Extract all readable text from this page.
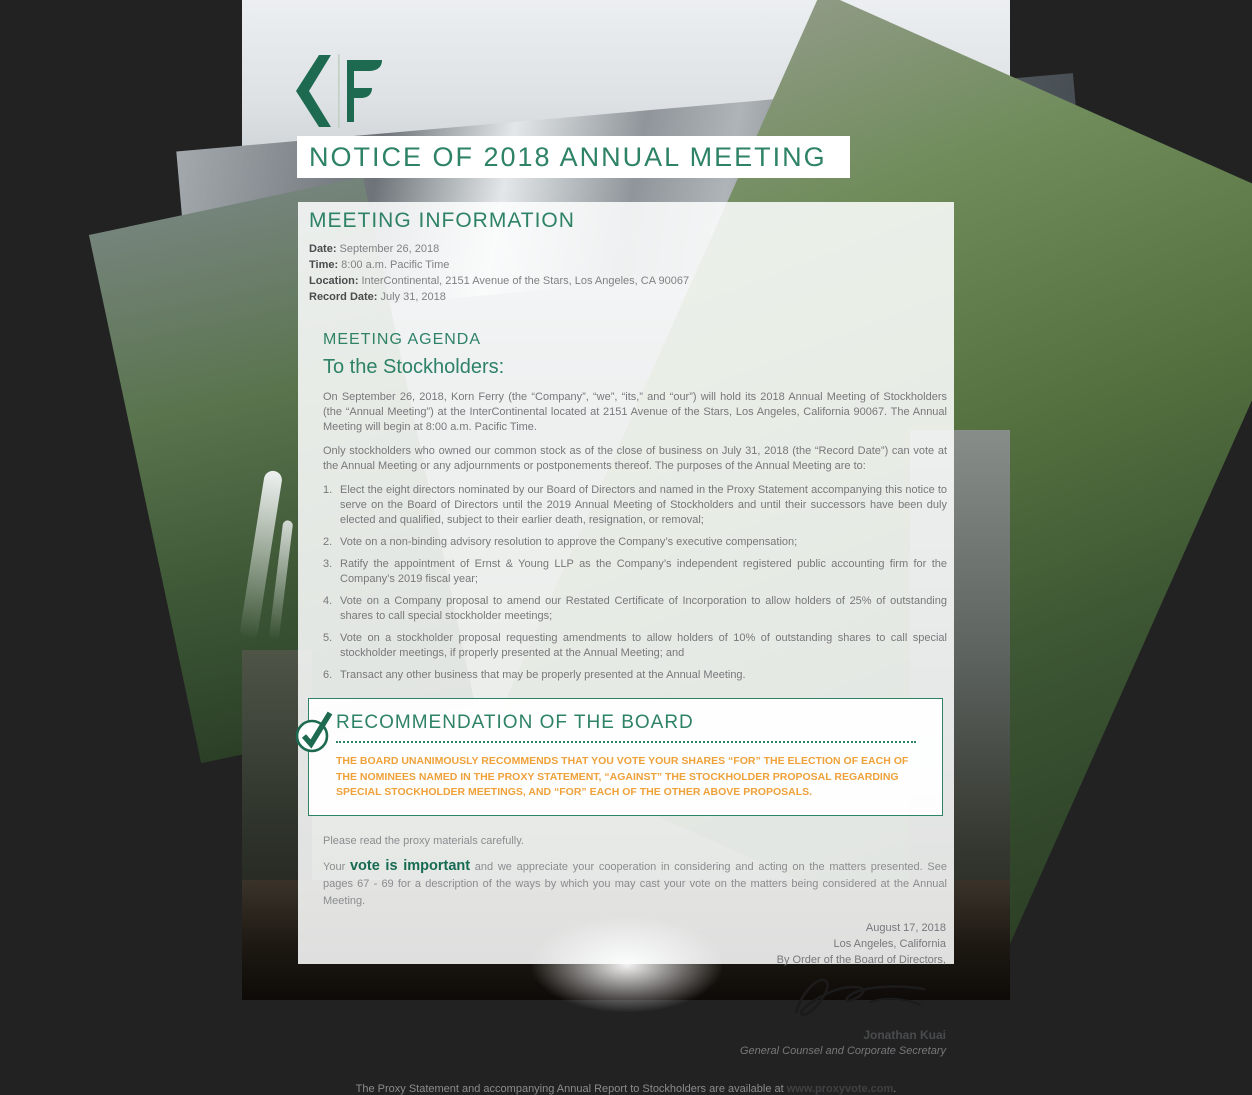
NOTICE OF 2018 ANNUAL MEETING
MEETING INFORMATION
Date: September 26, 2018
Time: 8:00 a.m. Pacific Time
Location: InterContinental, 2151 Avenue of the Stars, Los Angeles, CA 90067
Record Date: July 31, 2018
MEETING AGENDA
To the Stockholders:

On September 26, 2018, Korn Ferry (the “Company”, “we”, “its,” and “our”) will hold its 2018 Annual Meeting of Stockholders (the “Annual Meeting”) at the InterContinental located at 2151 Avenue of the Stars, Los Angeles, California 90067. The Annual Meeting will begin at 8:00 a.m. Pacific Time.

Only stockholders who owned our common stock as of the close of business on July 31, 2018 (the “Record Date”) can vote at the Annual Meeting or any adjournments or postponements thereof. The purposes of the Annual Meeting are to:

1. Elect the eight directors nominated by our Board of Directors and named in the Proxy Statement accompanying this notice to serve on the Board of Directors until the 2019 Annual Meeting of Stockholders and until their successors have been duly elected and qualified, subject to their earlier death, resignation, or removal;
2. Vote on a non-binding advisory resolution to approve the Company’s executive compensation;
3. Ratify the appointment of Ernst & Young LLP as the Company’s independent registered public accounting firm for the Company’s 2019 fiscal year;
4. Vote on a Company proposal to amend our Restated Certificate of Incorporation to allow holders of 25% of outstanding shares to call special stockholder meetings;
5. Vote on a stockholder proposal requesting amendments to allow holders of 10% of outstanding shares to call special stockholder meetings, if properly presented at the Annual Meeting; and
6. Transact any other business that may be properly presented at the Annual Meeting.
RECOMMENDATION OF THE BOARD

THE BOARD UNANIMOUSLY RECOMMENDS THAT YOU VOTE YOUR SHARES “FOR” THE ELECTION OF EACH OF THE NOMINEES NAMED IN THE PROXY STATEMENT, “AGAINST” THE STOCKHOLDER PROPOSAL REGARDING SPECIAL STOCKHOLDER MEETINGS, AND “FOR” EACH OF THE OTHER ABOVE PROPOSALS.

Please read the proxy materials carefully.

Your vote is important and we appreciate your cooperation in considering and acting on the matters presented. See pages 67 - 69 for a description of the ways by which you may cast your vote on the matters being considered at the Annual Meeting.

August 17, 2018
Los Angeles, California
By Order of the Board of Directors,
Jonathan Kuai
General Counsel and Corporate Secretary

The Proxy Statement and accompanying Annual Report to Stockholders are available at www.proxyvote.com.
